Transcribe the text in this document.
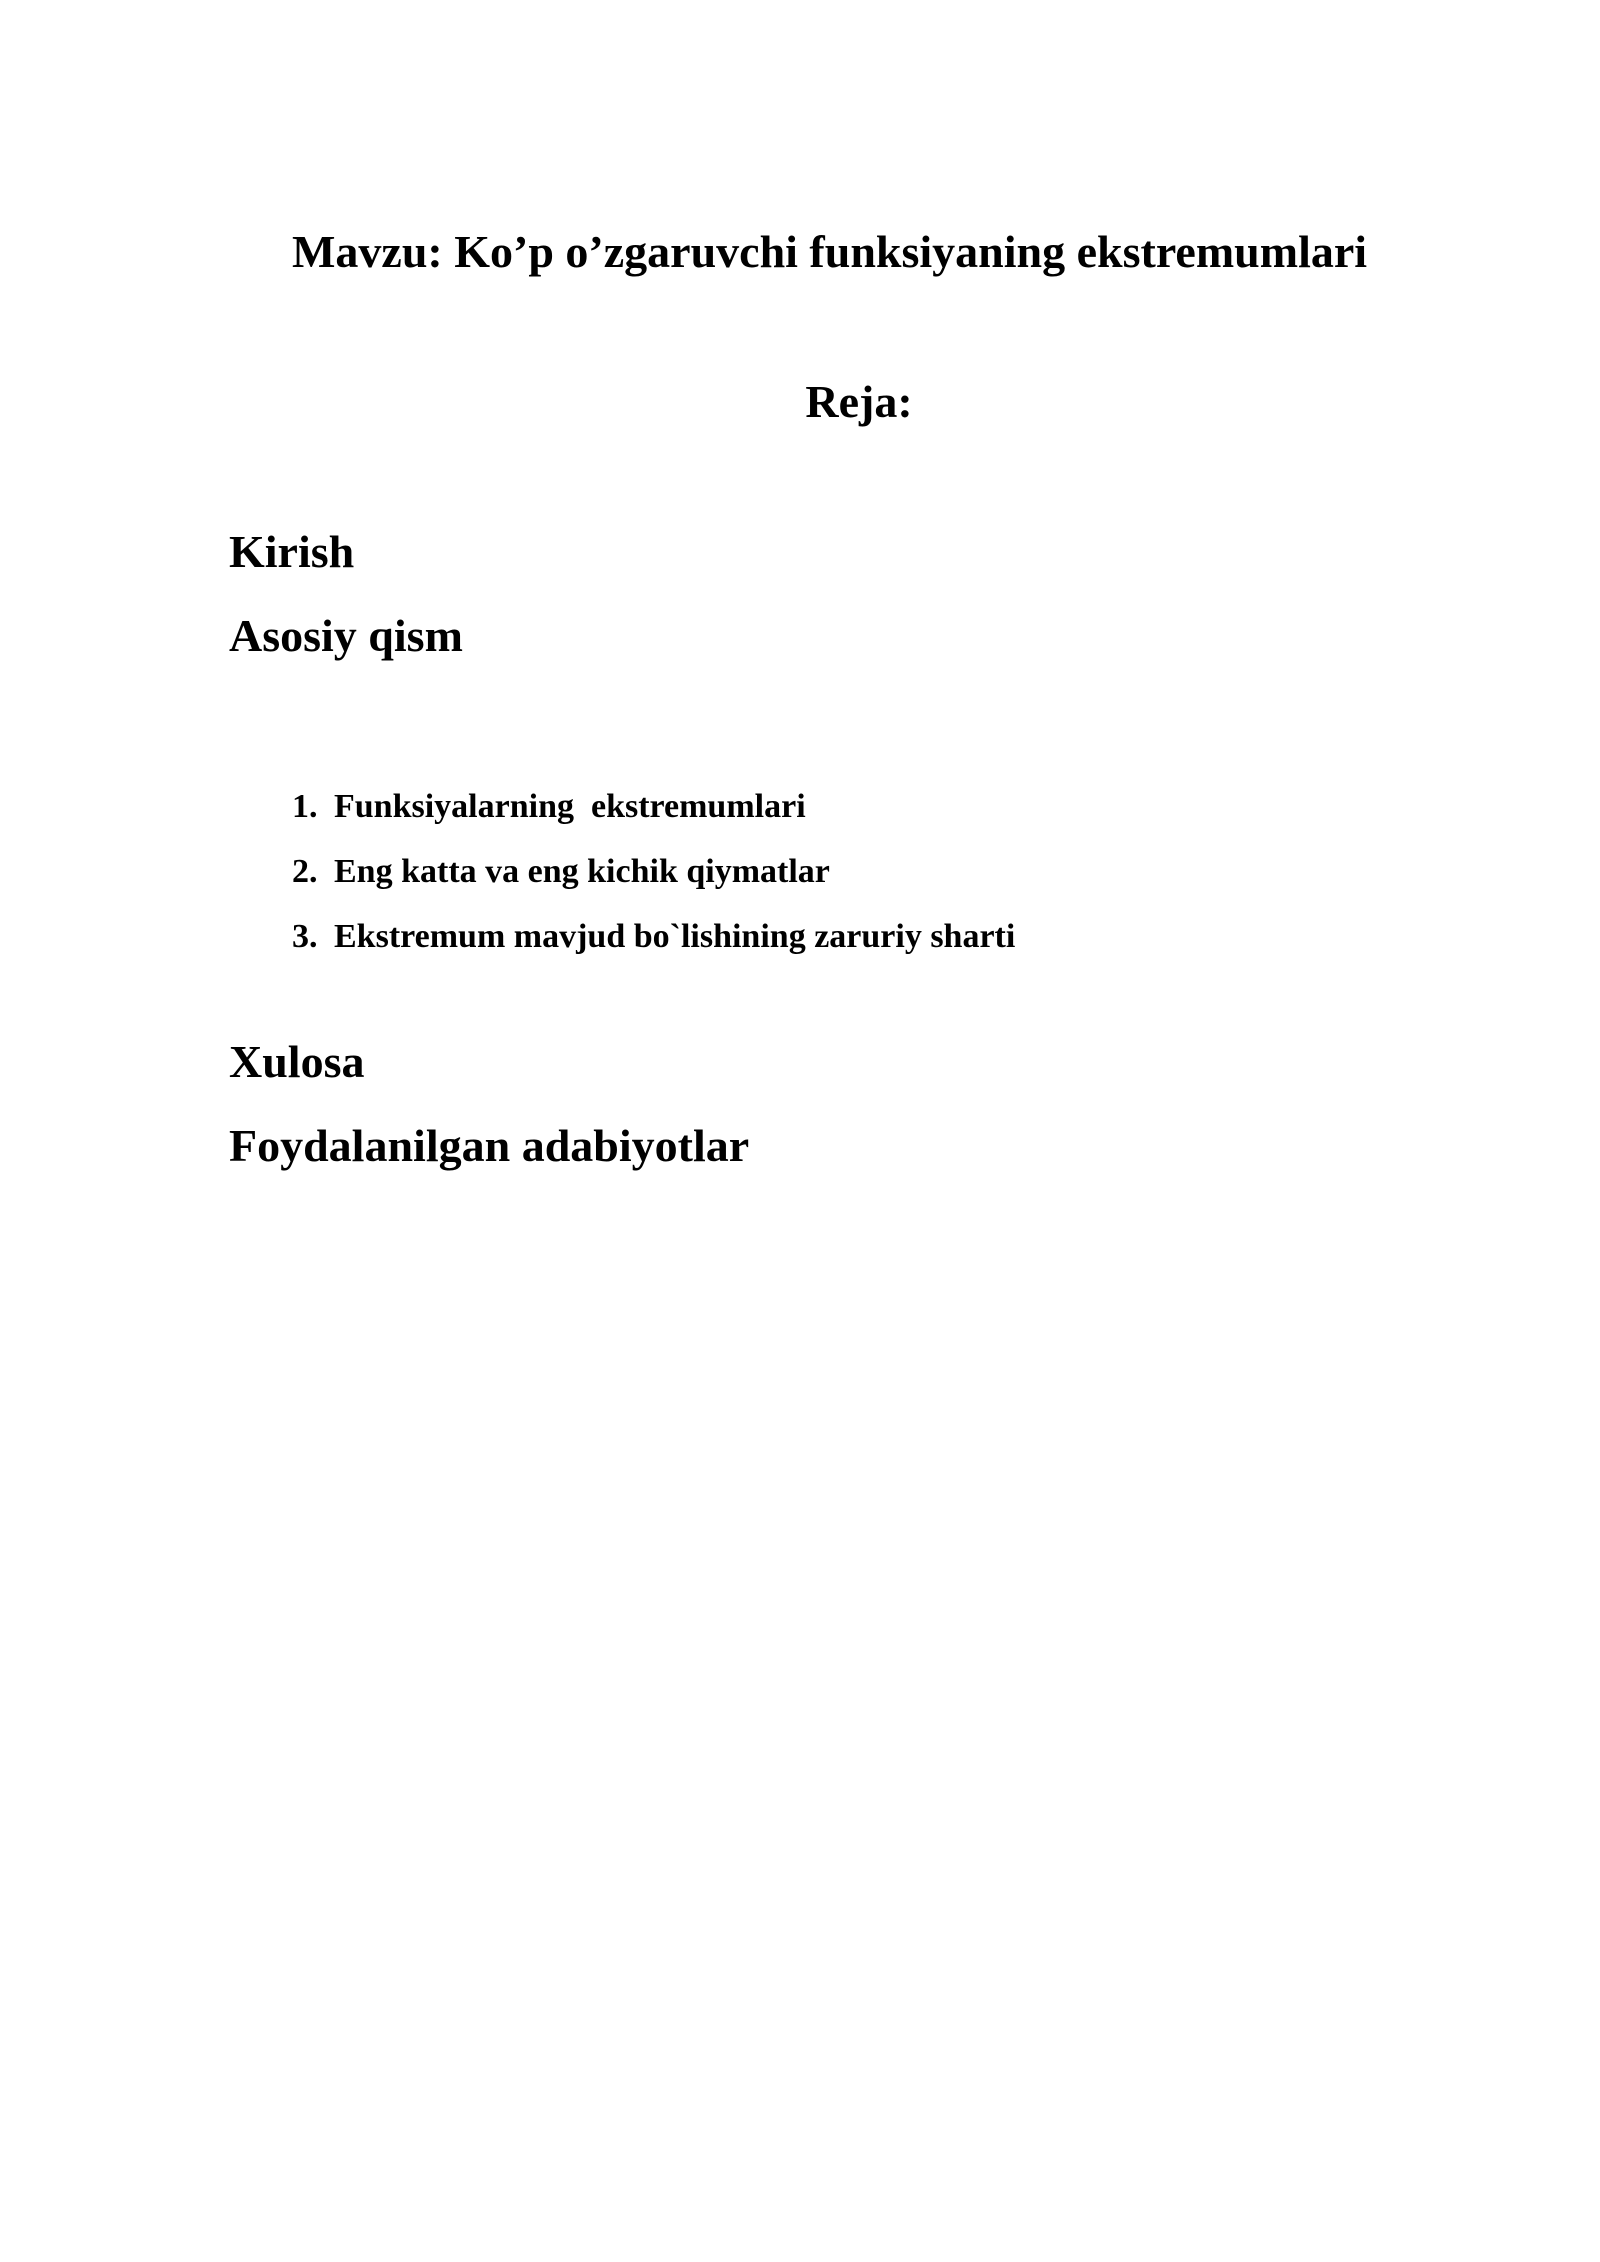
Mavzu: Ko’p o’zgaruvchi funksiyaning ekstremumlari
Reja:
Kirish
Asosiy qism
1. Funksiyalarning  ekstremumlari
2. Eng katta va eng kichik qiymatlar
3. Ekstremum mavjud bo`lishining zaruriy sharti
Xulosa
Foydalanilgan adabiyotlar
